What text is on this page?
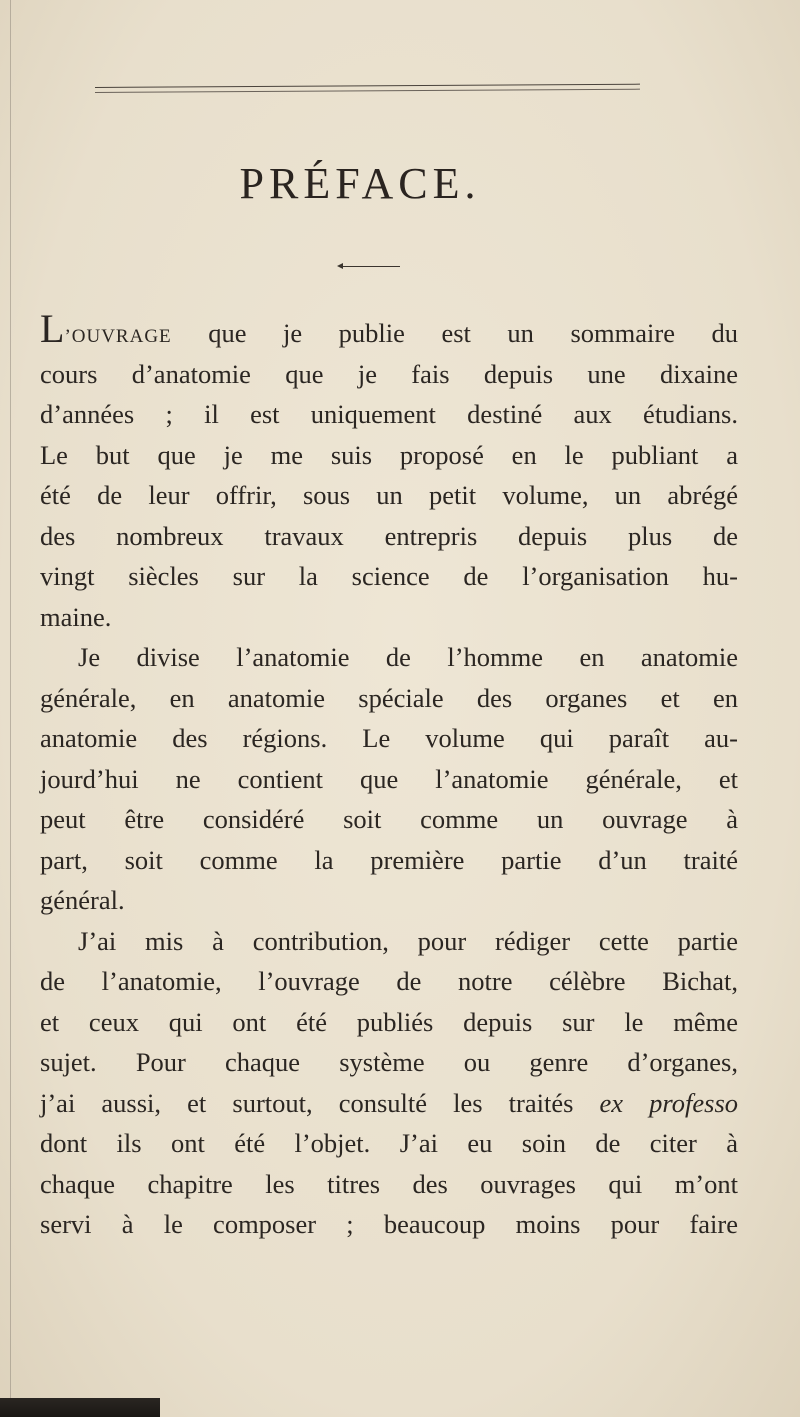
PRÉFACE.
L’OUVRAGE que je publie est un sommaire du
cours d’anatomie que je fais depuis une dixaine
d’années ; il est uniquement destiné aux étudians.
Le but que je me suis proposé en le publiant a
été de leur offrir, sous un petit volume, un abrégé
des nombreux travaux entrepris depuis plus de
vingt siècles sur la science de l’organisation hu-
maine.
Je divise l’anatomie de l’homme en anatomie
générale, en anatomie spéciale des organes et en
anatomie des régions. Le volume qui paraît au-
jourd’hui ne contient que l’anatomie générale, et
peut être considéré soit comme un ouvrage à
part, soit comme la première partie d’un traité
général.
J’ai mis à contribution, pour rédiger cette partie
de l’anatomie, l’ouvrage de notre célèbre Bichat,
et ceux qui ont été publiés depuis sur le même
sujet. Pour chaque système ou genre d’organes,
j’ai aussi, et surtout, consulté les traités ex professo
dont ils ont été l’objet. J’ai eu soin de citer à
chaque chapitre les titres des ouvrages qui m’ont
servi à le composer ; beaucoup moins pour faire
